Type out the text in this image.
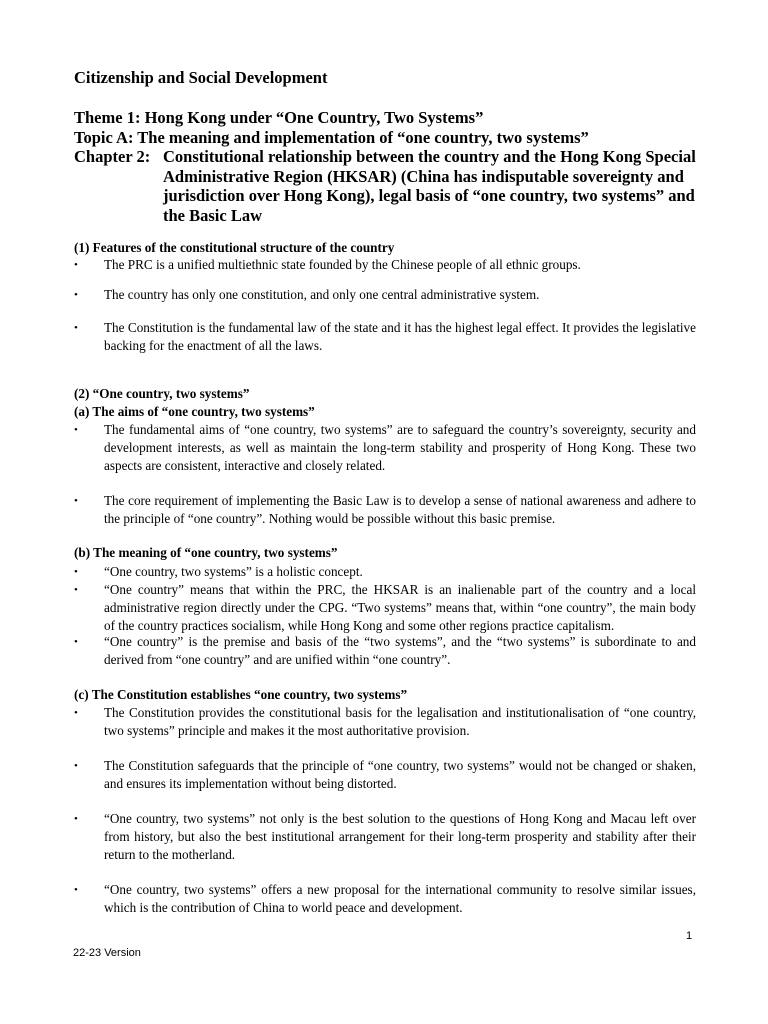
Citizenship and Social Development
Theme 1: Hong Kong under “One Country, Two Systems”
Topic A: The meaning and implementation of “one country, two systems”
Chapter 2: Constitutional relationship between the country and the Hong Kong Special Administrative Region (HKSAR) (China has indisputable sovereignty and jurisdiction over Hong Kong), legal basis of “one country, two systems” and the Basic Law
(1) Features of the constitutional structure of the country
• The PRC is a unified multiethnic state founded by the Chinese people of all ethnic groups.
• The country has only one constitution, and only one central administrative system.
• The Constitution is the fundamental law of the state and it has the highest legal effect. It provides the legislative backing for the enactment of all the laws.
(2) “One country, two systems”
(a) The aims of “one country, two systems”
• The fundamental aims of “one country, two systems” are to safeguard the country’s sovereignty, security and development interests, as well as maintain the long-term stability and prosperity of Hong Kong. These two aspects are consistent, interactive and closely related.
• The core requirement of implementing the Basic Law is to develop a sense of national awareness and adhere to the principle of “one country”. Nothing would be possible without this basic premise.
(b) The meaning of “one country, two systems”
• “One country, two systems” is a holistic concept.
• “One country” means that within the PRC, the HKSAR is an inalienable part of the country and a local administrative region directly under the CPG. “Two systems” means that, within “one country”, the main body of the country practices socialism, while Hong Kong and some other regions practice capitalism.
• “One country” is the premise and basis of the “two systems”, and the “two systems” is subordinate to and derived from “one country” and are unified within “one country”.
(c) The Constitution establishes “one country, two systems”
• The Constitution provides the constitutional basis for the legalisation and institutionalisation of “one country, two systems” principle and makes it the most authoritative provision.
• The Constitution safeguards that the principle of “one country, two systems” would not be changed or shaken, and ensures its implementation without being distorted.
• “One country, two systems” not only is the best solution to the questions of Hong Kong and Macau left over from history, but also the best institutional arrangement for their long-term prosperity and stability after their return to the motherland.
• “One country, two systems” offers a new proposal for the international community to resolve similar issues, which is the contribution of China to world peace and development.
1
22-23 Version
